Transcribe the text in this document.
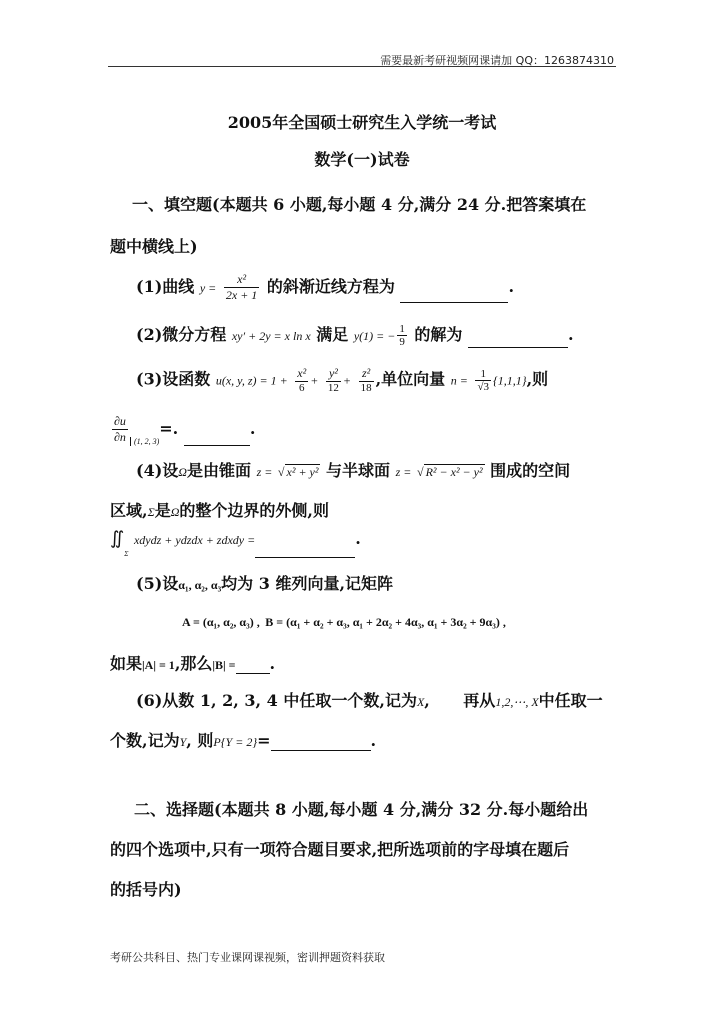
需要最新考研视频网课请加 QQ：1263874310
2005年全国硕士研究生入学统一考试
数学(一)试卷
一、填空题(本题共 6 小题,每小题 4 分,满分 24 分.把答案填在
题中横线上)
(1)曲线 $y = \frac{\text{x²}}{2x + 1}$ 的斜渐近线方程为	.
(2)微分方程 xy′ + 2y = x ln x 满足 y(1) = − $\frac{1}{9}$ 的解为	.
(3)设函数 u(x, y, $z) = 1 + \frac{\text{x²}}{6} + \frac{\text{y²}}{12} + \frac{\text{z²}}{18}$ ,单位向量 $n = \frac{1}{√3} \{1,1,1\}$,则
$\frac{\partial u}{\partial n} _{(1, 2, 3)}=$.	.
(4)设Ω是由锥面 z = √ x² + y² 与半球面 z = √ R² − x² − y² 围成的空间
区域,Σ是Ω的整个边界的外侧,则
$∬_\Sigma$ xdydz + ydzdx + zdxdy =	.
(5)设α₁, α₂, α₃均为 3 维列向量,记矩阵
A = (α₁, α₂, α₃) , B = (α₁ + α₂ + α₃, α₁ + 2α₂ + 4α₃, α₁ + 3α₂ + 9α₃) ,
如果|A| = 1,那么|B| = .
(6)从数 1, 2, 3, 4 中任取一个数,记为X, 再从1,2,⋯, X中任取一
个数,记为Y, 则P{Y = 2}=	.
二、选择题(本题共 8 小题,每小题 4 分,满分 32 分.每小题给出
的四个选项中,只有一项符合题目要求,把所选项前的字母填在题后
的括号内)
考研公共科目、热门专业课网课视频，密训押题资料获取
